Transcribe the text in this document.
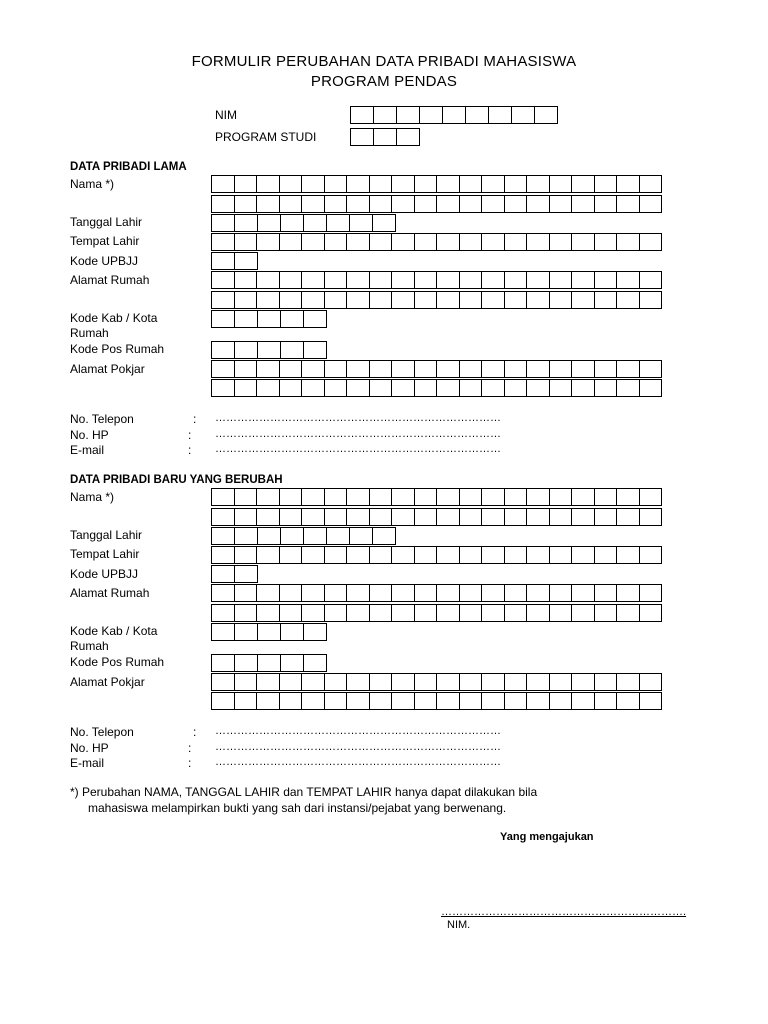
FORMULIR PERUBAHAN DATA PRIBADI MAHASISWA
PROGRAM PENDAS
NIM
PROGRAM STUDI
DATA PRIBADI LAMA
Nama *)
Tanggal Lahir
Tempat Lahir
Kode UPBJJ
Alamat Rumah
Kode Kab / Kota
Rumah
Kode Pos Rumah
Alamat Pokjar
No. Telepon	: ……………………………………………………………………
No. HP	: ……………………………………………………………………
E-mail	: ……………………………………………………………………
DATA PRIBADI BARU YANG BERUBAH
Nama *)
Tanggal Lahir
Tempat Lahir
Kode UPBJJ
Alamat Rumah
Kode Kab / Kota
Rumah
Kode Pos Rumah
Alamat Pokjar
No. Telepon	: ……………………………………………………………………
No. HP	: ……………………………………………………………………
E-mail	: ……………………………………………………………………
*) Perubahan NAMA, TANGGAL LAHIR dan TEMPAT LAHIR hanya dapat dilakukan bila
mahasiswa melampirkan bukti yang sah dari instansi/pejabat yang berwenang.
Yang mengajukan
………………………………………………………….
NIM.
